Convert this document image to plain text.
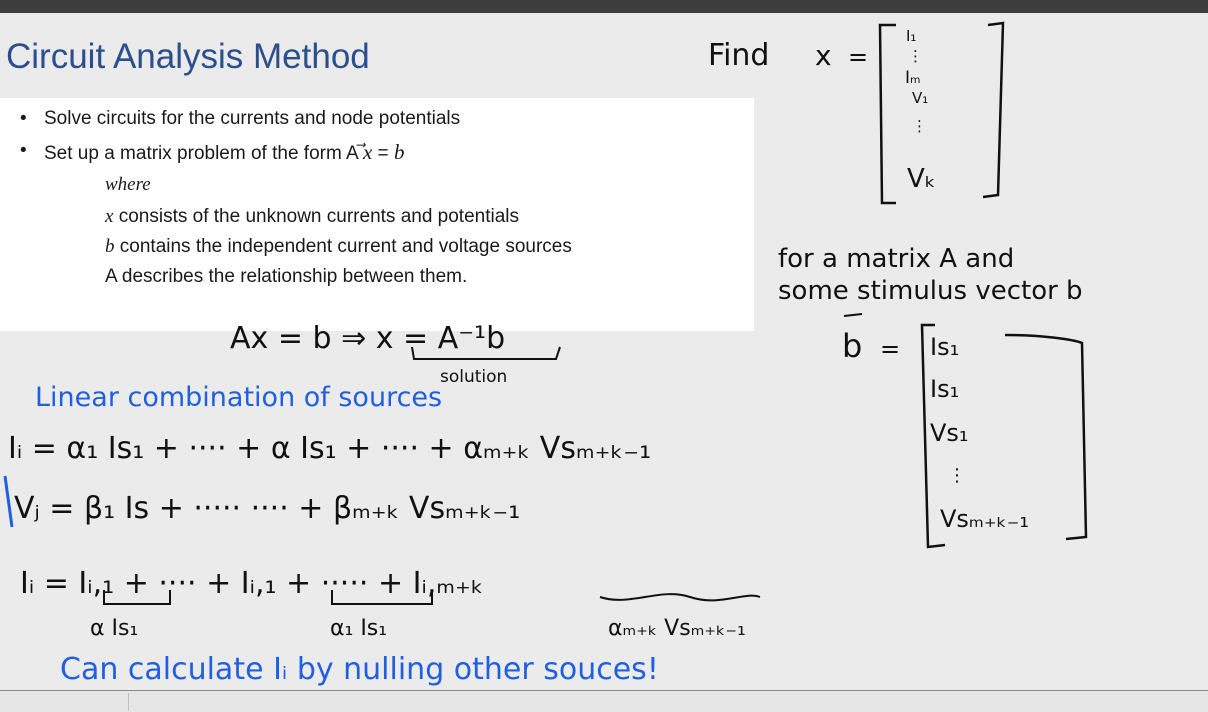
Circuit Analysis Method
• Solve circuits for the currents and node potentials
• Set up a matrix problem of the form A x = b
where
x consists of the unknown currents and potentials
b contains the independent current and voltage sources
A describes the relationship between them.
Find x =
I₁
⋮
Iₘ
V₁
⋮
Vₖ
for a matrix A and
some stimulus vector b
b = Is₁
Is₁
Vs₁
⋮
Vsₘ₊ₖ₋₁
Ax = b ⇒ x = A⁻¹b
solution
Linear combination of sources
Iᵢ = α₁ Is₁ + ···· + α Is₁ + ···· + αₘ₊ₖ Vsₘ₊ₖ₋₁
Vⱼ = β₁ Is + ····· ···· + βₘ₊ₖ Vsₘ₊ₖ₋₁
Iᵢ = Iᵢ,₁ + ···· + Iᵢ,₁ + ····· + Iᵢ,ₘ₊ₖ
α Is₁	α₁ Is₁	αₘ₊ₖ Vsₘ₊ₖ₋₁
Can calculate Iᵢ by nulling other souces!
